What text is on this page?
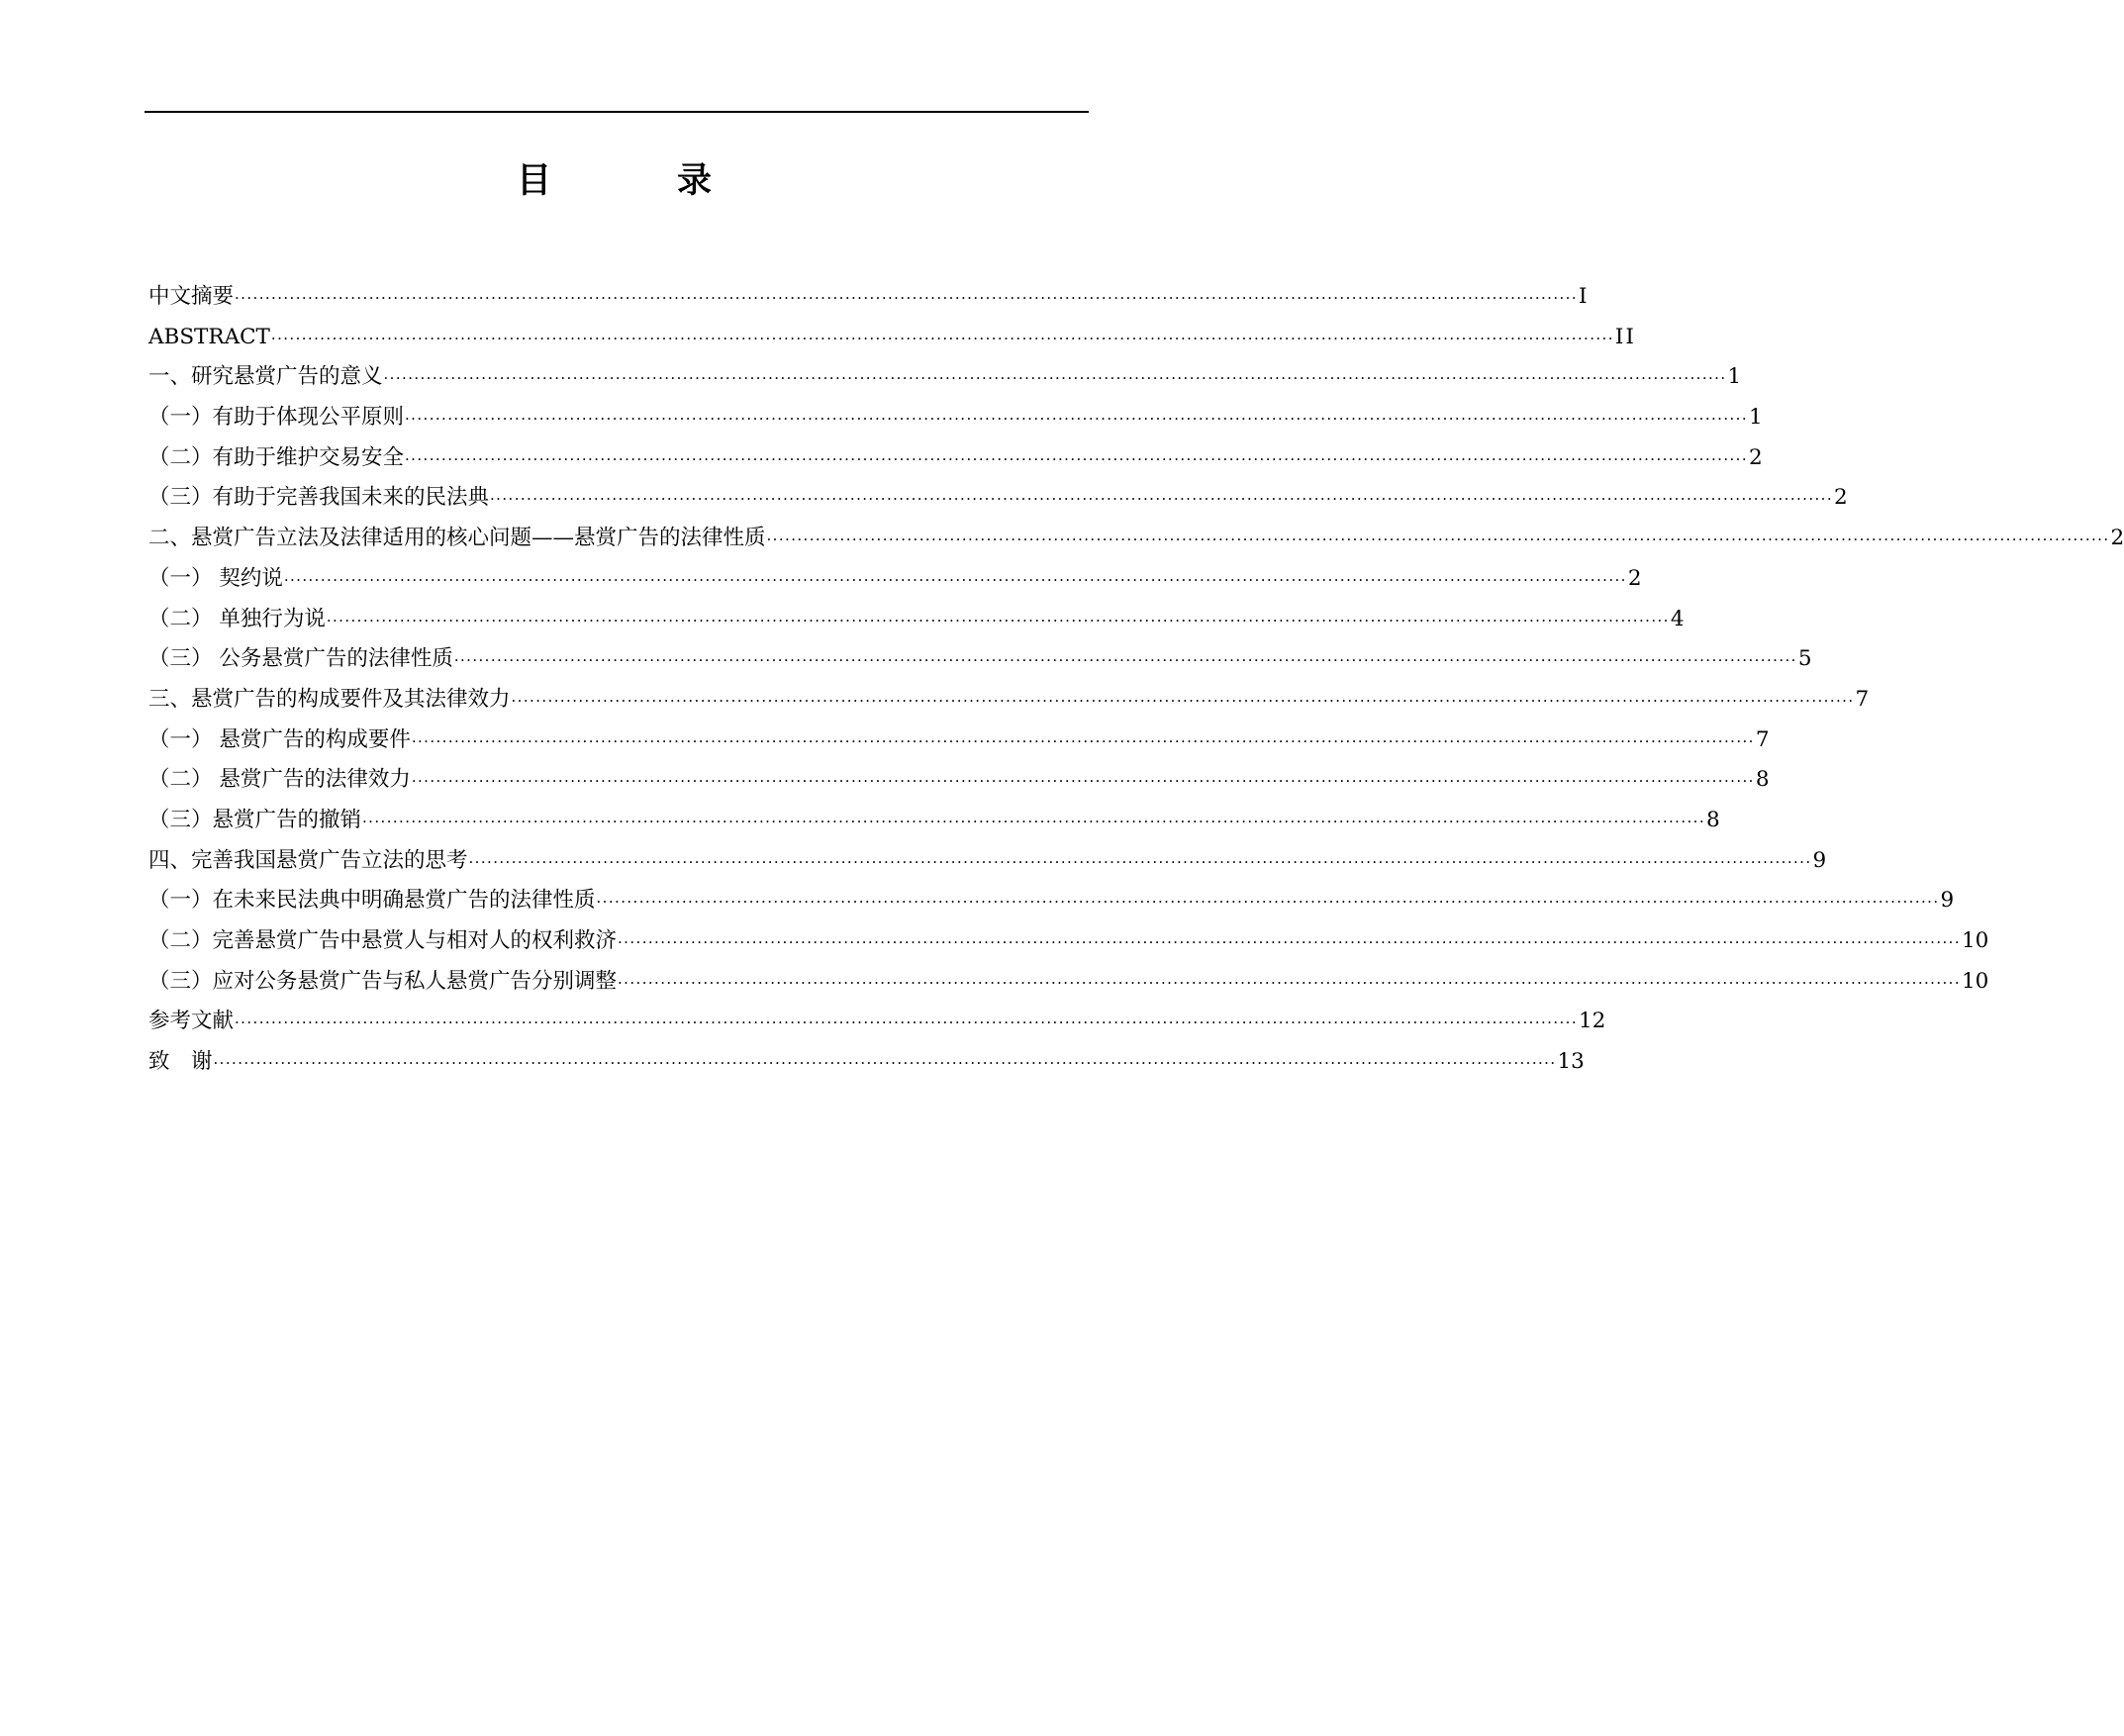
目　录
中文摘要 ···························································································································································································································· I
ABSTRACT ···························································································································································································································· II
一、研究悬赏广告的意义 ···························································································································································································································· 1
（一）有助于体现公平原则 ···························································································································································································································· 1
（二）有助于维护交易安全 ···························································································································································································································· 2
（三）有助于完善我国未来的民法典 ···························································································································································································································· 2
二、悬赏广告立法及法律适用的核心问题——悬赏广告的法律性质 ···························································································································································································································· 2
（一） 契约说 ···························································································································································································································· 2
（二） 单独行为说 ···························································································································································································································· 4
（三） 公务悬赏广告的法律性质 ···························································································································································································································· 5
三、悬赏广告的构成要件及其法律效力 ···························································································································································································································· 7
（一） 悬赏广告的构成要件 ···························································································································································································································· 7
（二） 悬赏广告的法律效力 ···························································································································································································································· 8
（三）悬赏广告的撤销 ···························································································································································································································· 8
四、完善我国悬赏广告立法的思考 ···························································································································································································································· 9
（一）在未来民法典中明确悬赏广告的法律性质 ···························································································································································································································· 9
（二）完善悬赏广告中悬赏人与相对人的权利救济 ···························································································································································································································· 10
（三）应对公务悬赏广告与私人悬赏广告分别调整 ···························································································································································································································· 10
参考文献 ···························································································································································································································· 12
致　谢 ···························································································································································································································· 13
